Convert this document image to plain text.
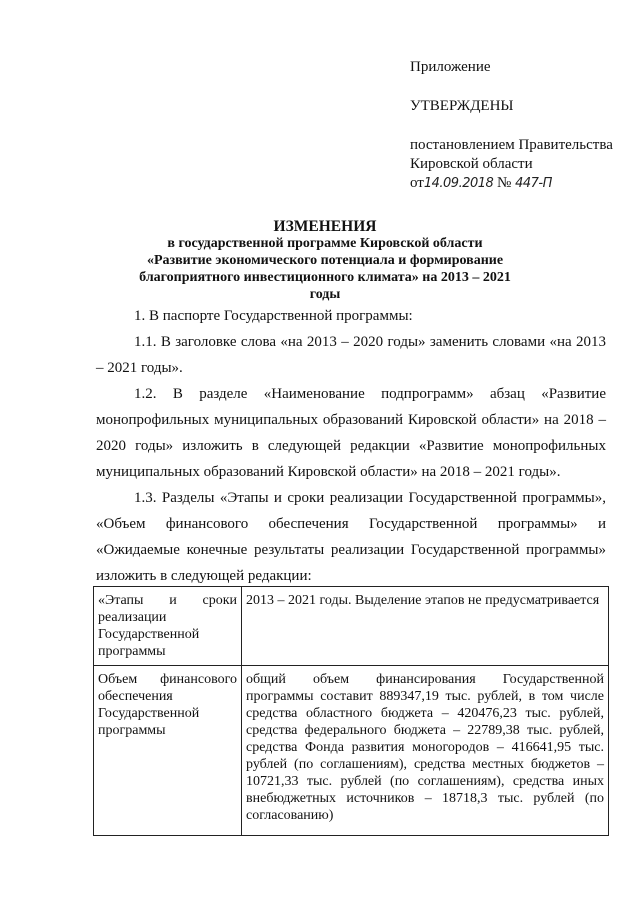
Приложение
УТВЕРЖДЕНЫ
постановлением Правительства
Кировской области
от14.09.2018 № 447-П
ИЗМЕНЕНИЯ
в государственной программе Кировской области
«Развитие экономического потенциала и формирование
благоприятного инвестиционного климата» на 2013 – 2021 годы

1. В паспорте Государственной программы:

1.1. В заголовке слова «на 2013 – 2020 годы» заменить словами «на 2013 – 2021 годы».

1.2. В разделе «Наименование подпрограмм» абзац «Развитие монопрофильных муниципальных образований Кировской области» на 2018 – 2020 годы» изложить в следующей редакции «Развитие монопрофильных муниципальных образований Кировской области» на 2018 – 2021 годы».

1.3. Разделы «Этапы и сроки реализации Государственной программы», «Объем финансового обеспечения Государственной программы» и «Ожидаемые конечные результаты реализации Государственной программы» изложить в следующей редакции:

«Этапы и сроки реализации Государственной программы	2013 – 2021 годы. Выделение этапов не предусматривается
Объем финансового обеспечения Государственной программы	общий объем финансирования Государственной программы составит 889347,19 тыс. рублей, в том числе средства областного бюджета – 420476,23 тыс. рублей, средства федерального бюджета – 22789,38 тыс. рублей, средства Фонда развития моногородов – 416641,95 тыс. рублей (по соглашениям), средства местных бюджетов – 10721,33 тыс. рублей (по соглашениям), средства иных внебюджетных источников – 18718,3 тыс. рублей (по согласованию)
